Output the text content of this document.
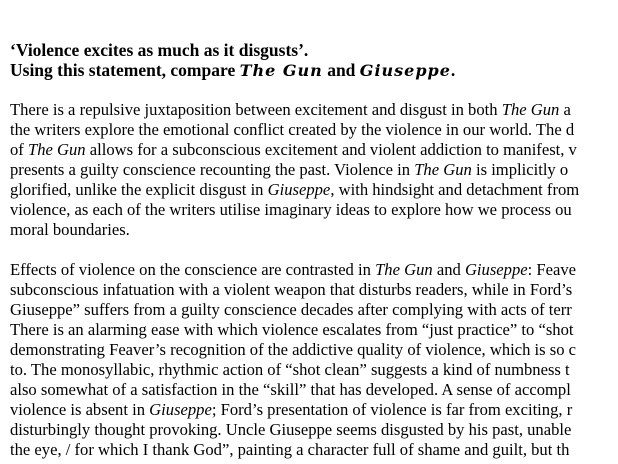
‘Violence excites as much as it disgusts’.
Using this statement, compare The Gun and Giuseppe.
There is a repulsive juxtaposition between excitement and disgust in both The Gun a
the writers explore the emotional conflict created by the violence in our world. The d
of The Gun allows for a subconscious excitement and violent addiction to manifest, v
presents a guilty conscience recounting the past. Violence in The Gun is implicitly o
glorified, unlike the explicit disgust in Giuseppe, with hindsight and detachment from
violence, as each of the writers utilise imaginary ideas to explore how we process ou
moral boundaries.
Effects of violence on the conscience are contrasted in The Gun and Giuseppe: Feave
subconscious infatuation with a violent weapon that disturbs readers, while in Ford’s
Giuseppe” suffers from a guilty conscience decades after complying with acts of terr
There is an alarming ease with which violence escalates from “just practice” to “shot
demonstrating Feaver’s recognition of the addictive quality of violence, which is so c
to. The monosyllabic, rhythmic action of “shot clean” suggests a kind of numbness t
also somewhat of a satisfaction in the “skill” that has developed. A sense of accompl
violence is absent in Giuseppe; Ford’s presentation of violence is far from exciting, r
disturbingly thought provoking. Uncle Giuseppe seems disgusted by his past, unable
the eye, / for which I thank God”, painting a character full of shame and guilt, but th
